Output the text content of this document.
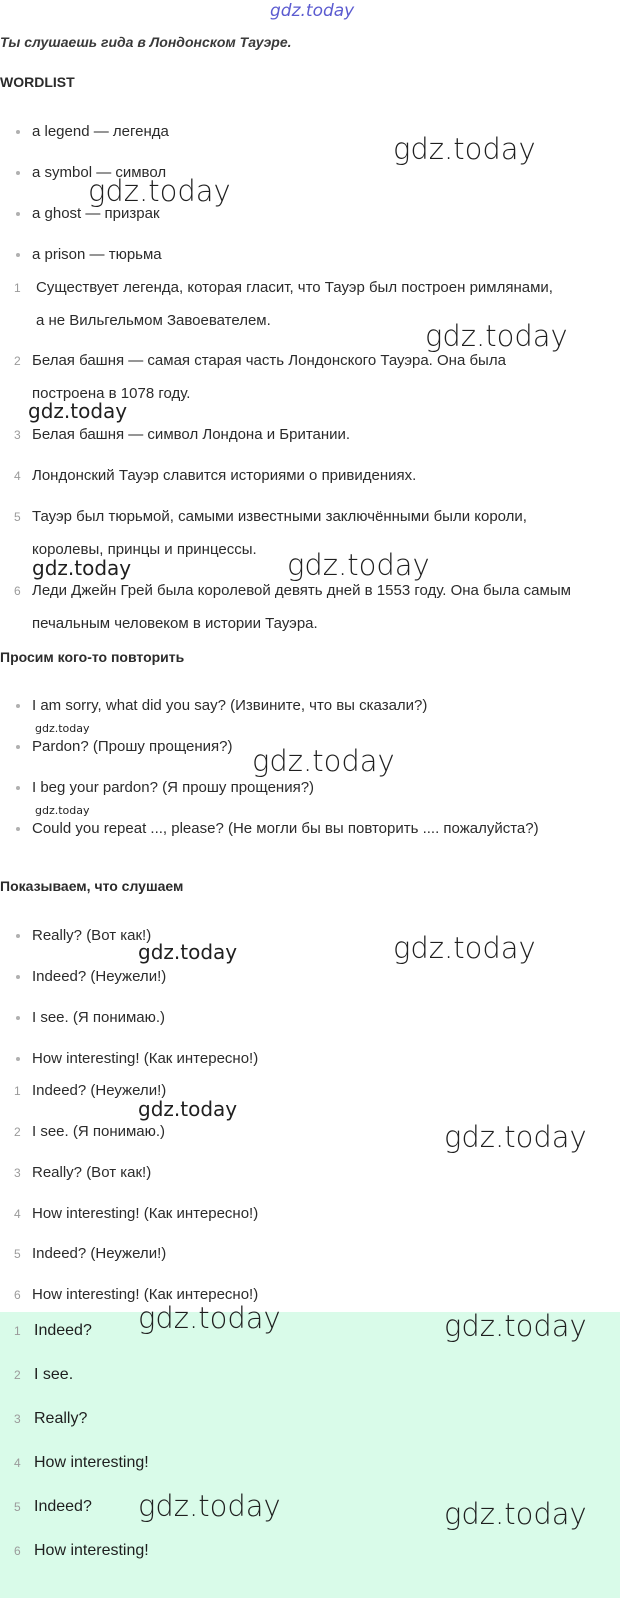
Ты слушаешь гида в Лондонском Тауэре.
WORDLIST
a legend — легенда
a symbol — символ
a ghost — призрак
a prison — тюрьма
1 Существует легенда, которая гласит, что Тауэр был построен римлянами,
а не Вильгельмом Завоевателем.
2 Белая башня — самая старая часть Лондонского Тауэра. Она была
построена в 1078 году.
3 Белая башня — символ Лондона и Британии.
4 Лондонский Тауэр славится историями о привидениях.
5 Тауэр был тюрьмой, самыми известными заключёнными были короли,
королевы, принцы и принцессы.
6 Леди Джейн Грей была королевой девять дней в 1553 году. Она была самым
печальным человеком в истории Тауэра.
Просим кого-то повторить
I am sorry, what did you say? (Извините, что вы сказали?)
Pardon? (Прошу прощения?)
I beg your pardon? (Я прошу прощения?)
Could you repeat ..., please? (Не могли бы вы повторить .... пожалуйста?)
Показываем, что слушаем
Really? (Вот как!)
Indeed? (Неужели!)
I see. (Я понимаю.)
How interesting! (Как интересно!)
1 Indeed? (Неужели!)
2 I see. (Я понимаю.)
3 Really? (Вот как!)
4 How interesting! (Как интересно!)
5 Indeed? (Неужели!)
6 How interesting! (Как интересно!)
1 Indeed?
2 I see.
3 Really?
4 How interesting!
5 Indeed?
6 How interesting!
gdz.today
gdz.today
gdz.today
gdz.today
gdz.today
gdz.today	gdz.today
gdz.today
gdz.today
gdz.today
gdz.today	gdz.today
gdz.today
gdz.today
gdz.today	gdz.today
gdz.today	gdz.today
